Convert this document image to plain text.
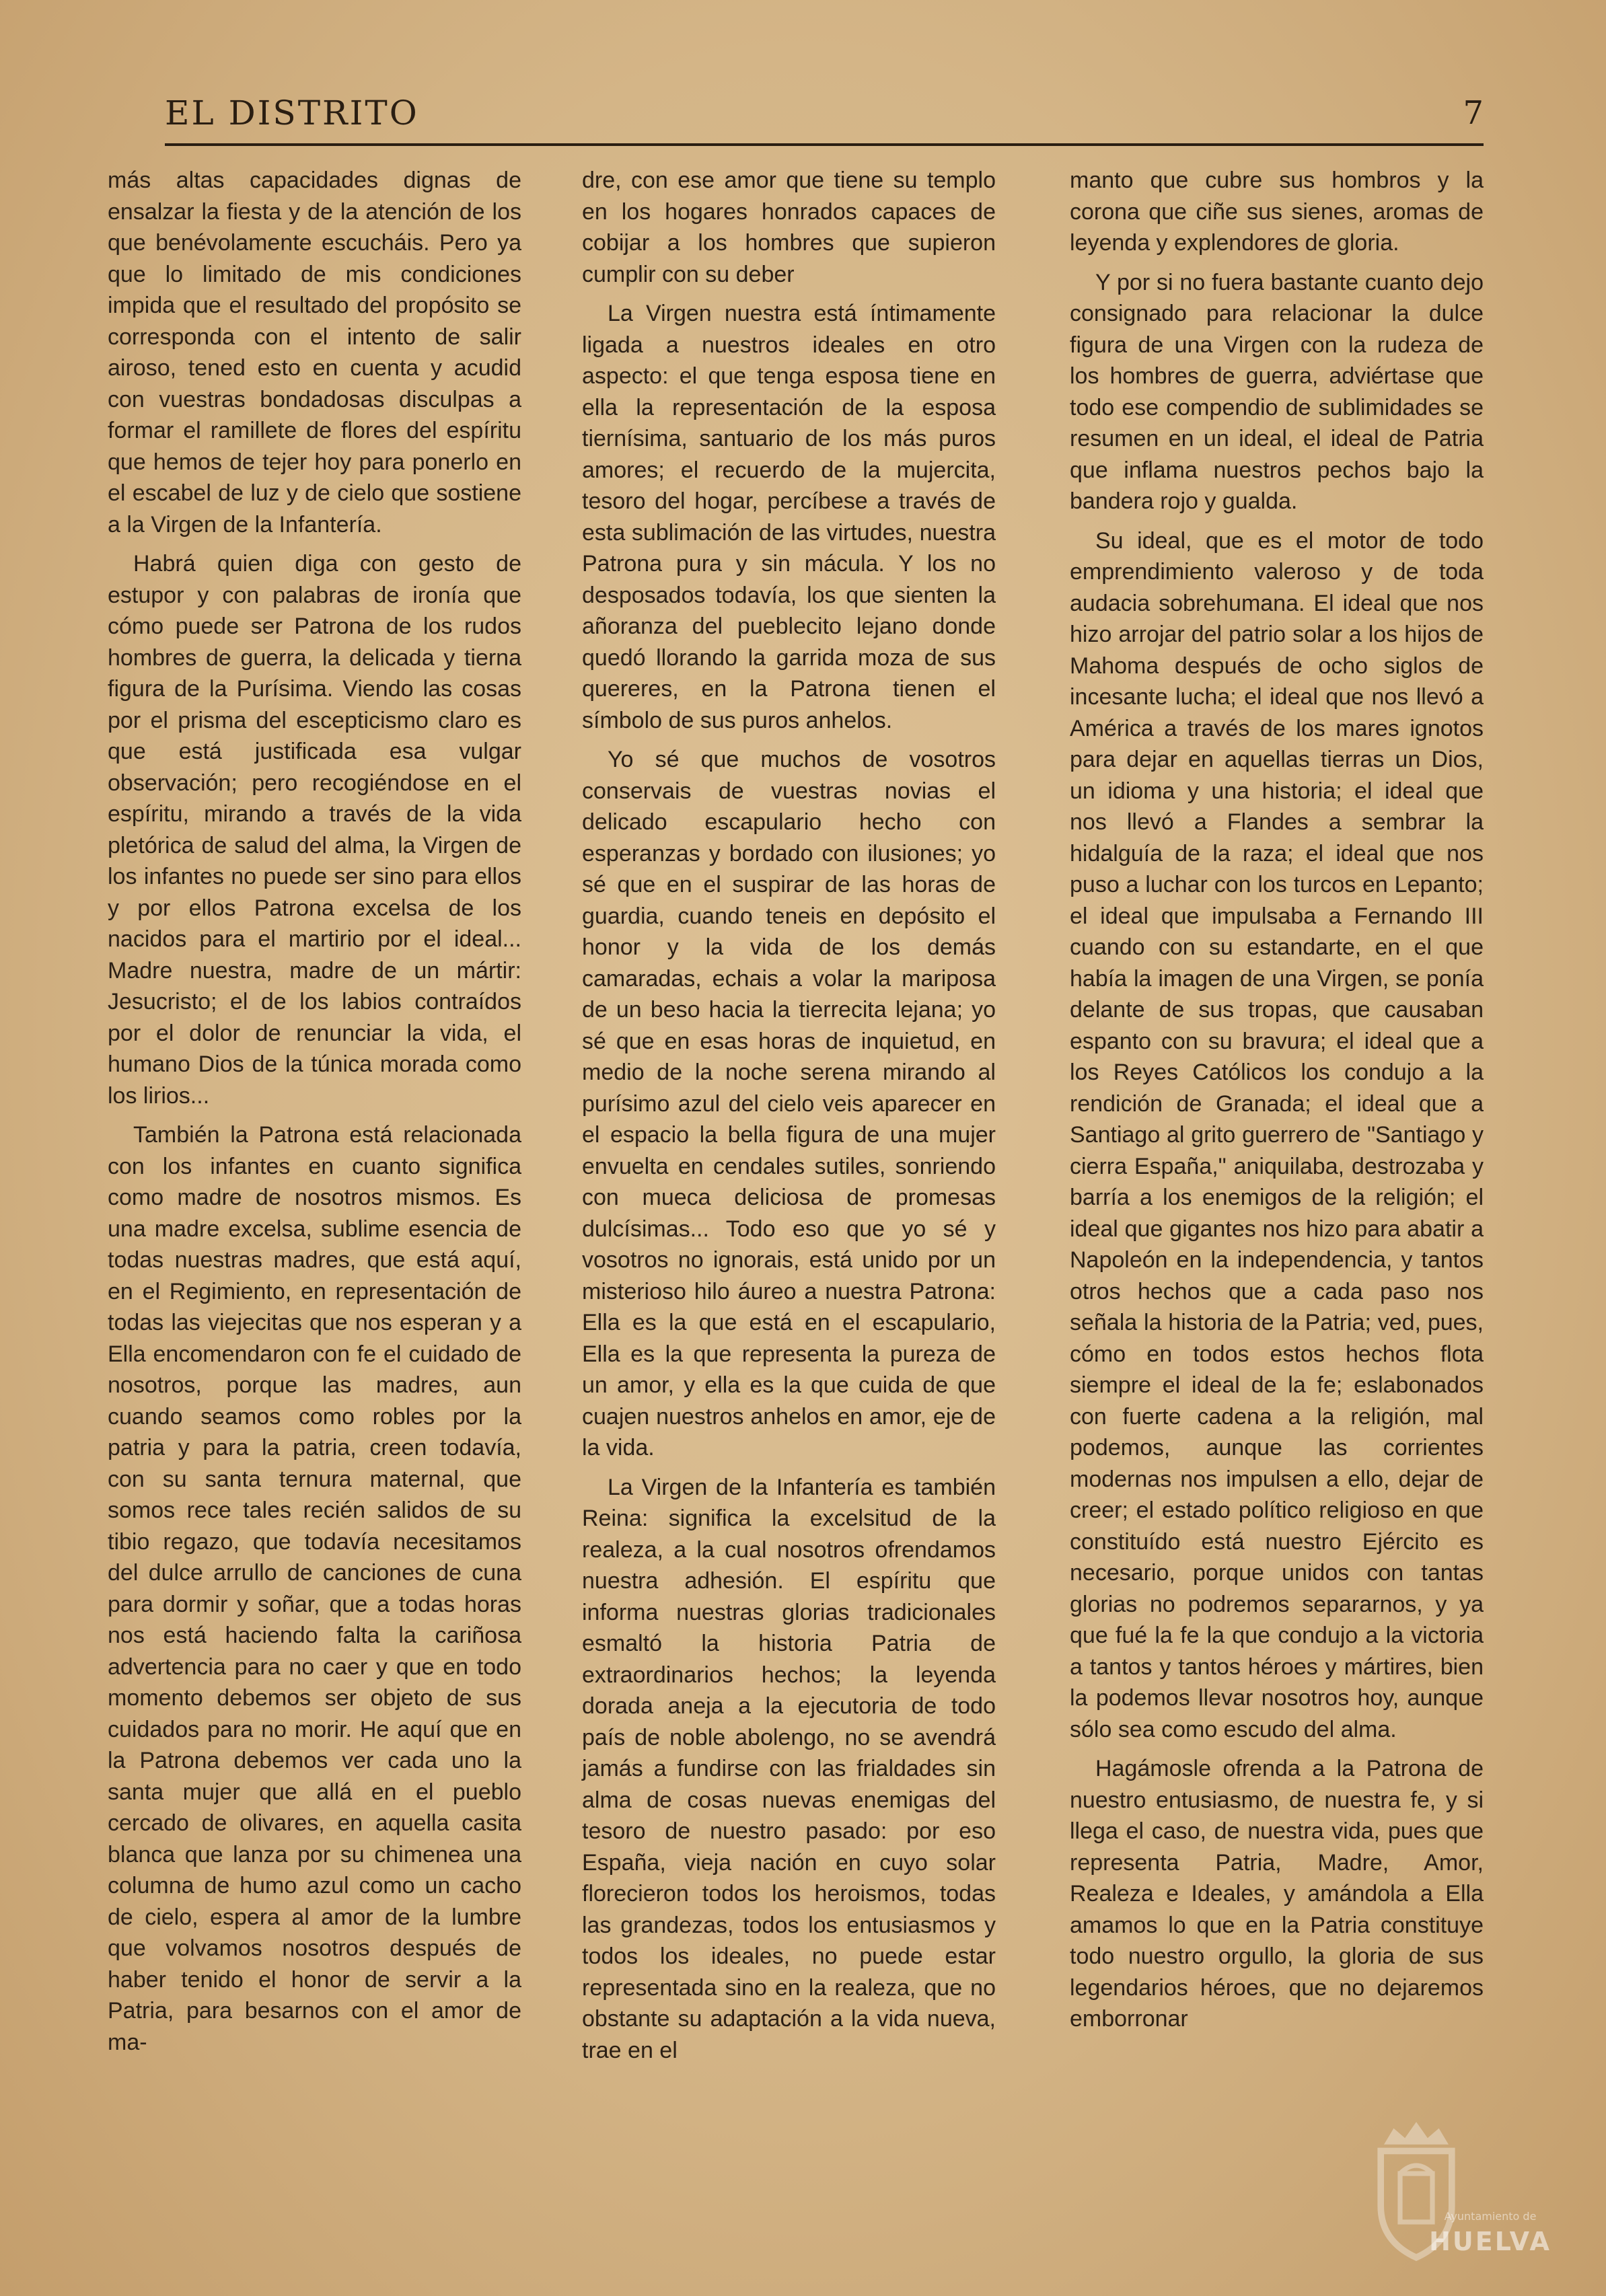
EL DISTRITO	7

más altas capacidades dignas de ensalzar la fiesta y de la atención de los que benévolamente escucháis. Pero ya que lo limitado de mis condiciones impida que el resultado del propósito se corresponda con el intento de salir airoso, tened esto en cuenta y acudid con vuestras bondadosas disculpas a formar el ramillete de flores del espíritu que hemos de tejer hoy para ponerlo en el escabel de luz y de cielo que sostiene a la Virgen de la Infantería.

Habrá quien diga con gesto de estupor y con palabras de ironía que cómo puede ser Patrona de los rudos hombres de guerra, la delicada y tierna figura de la Purísima. Viendo las cosas por el prisma del escepticismo claro es que está justificada esa vulgar observación; pero recogiéndose en el espíritu, mirando a través de la vida pletórica de salud del alma, la Virgen de los infantes no puede ser sino para ellos y por ellos Patrona excelsa de los nacidos para el martirio por el ideal... Madre nuestra, madre de un mártir: Jesucristo; el de los labios contraídos por el dolor de renunciar la vida, el humano Dios de la túnica morada como los lirios...

También la Patrona está relacionada con los infantes en cuanto significa como madre de nosotros mismos. Es una madre excelsa, sublime esencia de todas nuestras madres, que está aquí, en el Regimiento, en representación de todas las viejecitas que nos esperan y a Ella encomendaron con fe el cuidado de nosotros, porque las madres, aun cuando seamos como robles por la patria y para la patria, creen todavía, con su santa ternura maternal, que somos rece tales recién salidos de su tibio regazo, que todavía necesitamos del dulce arrullo de canciones de cuna para dormir y soñar, que a todas horas nos está haciendo falta la cariñosa advertencia para no caer y que en todo momento debemos ser objeto de sus cuidados para no morir. He aquí que en la Patrona debemos ver cada uno la santa mujer que allá en el pueblo cercado de olivares, en aquella casita blanca que lanza por su chimenea una columna de humo azul como un cacho de cielo, espera al amor de la lumbre que volvamos nosotros después de haber tenido el honor de servir a la Patria, para besarnos con el amor de ma-

dre, con ese amor que tiene su templo en los hogares honrados capaces de cobijar a los hombres que supieron cumplir con su deber

La Virgen nuestra está íntimamente ligada a nuestros ideales en otro aspecto: el que tenga esposa tiene en ella la representación de la esposa tiernísima, santuario de los más puros amores; el recuerdo de la mujercita, tesoro del hogar, percíbese a través de esta sublimación de las virtudes, nuestra Patrona pura y sin mácula. Y los no desposados todavía, los que sienten la añoranza del pueblecito lejano donde quedó llorando la garrida moza de sus quereres, en la Patrona tienen el símbolo de sus puros anhelos.

Yo sé que muchos de vosotros conservais de vuestras novias el delicado escapulario hecho con esperanzas y bordado con ilusiones; yo sé que en el suspirar de las horas de guardia, cuando teneis en depósito el honor y la vida de los demás camaradas, echais a volar la mariposa de un beso hacia la tierrecita lejana; yo sé que en esas horas de inquietud, en medio de la noche serena mirando al purísimo azul del cielo veis aparecer en el espacio la bella figura de una mujer envuelta en cendales sutiles, sonriendo con mueca deliciosa de promesas dulcísimas... Todo eso que yo sé y vosotros no ignorais, está unido por un misterioso hilo áureo a nuestra Patrona: Ella es la que está en el escapulario, Ella es la que representa la pureza de un amor, y ella es la que cuida de que cuajen nuestros anhelos en amor, eje de la vida.

La Virgen de la Infantería es también Reina: significa la excelsitud de la realeza, a la cual nosotros ofrendamos nuestra adhesión. El espíritu que informa nuestras glorias tradicionales esmaltó la historia Patria de extraordinarios hechos; la leyenda dorada aneja a la ejecutoria de todo país de noble abolengo, no se avendrá jamás a fundirse con las frialdades sin alma de cosas nuevas enemigas del tesoro de nuestro pasado: por eso España, vieja nación en cuyo solar florecieron todos los heroismos, todas las grandezas, todos los entusiasmos y todos los ideales, no puede estar representada sino en la realeza, que no obstante su adaptación a la vida nueva, trae en el

manto que cubre sus hombros y la corona que ciñe sus sienes, aromas de leyenda y explendores de gloria.

Y por si no fuera bastante cuanto dejo consignado para relacionar la dulce figura de una Virgen con la rudeza de los hombres de guerra, adviértase que todo ese compendio de sublimidades se resumen en un ideal, el ideal de Patria que inflama nuestros pechos bajo la bandera rojo y gualda.

Su ideal, que es el motor de todo emprendimiento valeroso y de toda audacia sobrehumana. El ideal que nos hizo arrojar del patrio solar a los hijos de Mahoma después de ocho siglos de incesante lucha; el ideal que nos llevó a América a través de los mares ignotos para dejar en aquellas tierras un Dios, un idioma y una historia; el ideal que nos llevó a Flandes a sembrar la hidalguía de la raza; el ideal que nos puso a luchar con los turcos en Lepanto; el ideal que impulsaba a Fernando III cuando con su estandarte, en el que había la imagen de una Virgen, se ponía delante de sus tropas, que causaban espanto con su bravura; el ideal que a los Reyes Católicos los condujo a la rendición de Granada; el ideal que a Santiago al grito guerrero de "Santiago y cierra España," aniquilaba, destrozaba y barría a los enemigos de la religión; el ideal que gigantes nos hizo para abatir a Napoleón en la independencia, y tantos otros hechos que a cada paso nos señala la historia de la Patria; ved, pues, cómo en todos estos hechos flota siempre el ideal de la fe; eslabonados con fuerte cadena a la religión, mal podemos, aunque las corrientes modernas nos impulsen a ello, dejar de creer; el estado político religioso en que constituído está nuestro Ejército es necesario, porque unidos con tantas glorias no podremos separarnos, y ya que fué la fe la que condujo a la victoria a tantos y tantos héroes y mártires, bien la podemos llevar nosotros hoy, aunque sólo sea como escudo del alma.

Hagámosle ofrenda a la Patrona de nuestro entusiasmo, de nuestra fe, y si llega el caso, de nuestra vida, pues que representa Patria, Madre, Amor, Realeza e Ideales, y amándola a Ella amamos lo que en la Patria constituye todo nuestro orgullo, la gloria de sus legendarios héroes, que no dejaremos emborronar

Ayuntamiento de
HUELVA
